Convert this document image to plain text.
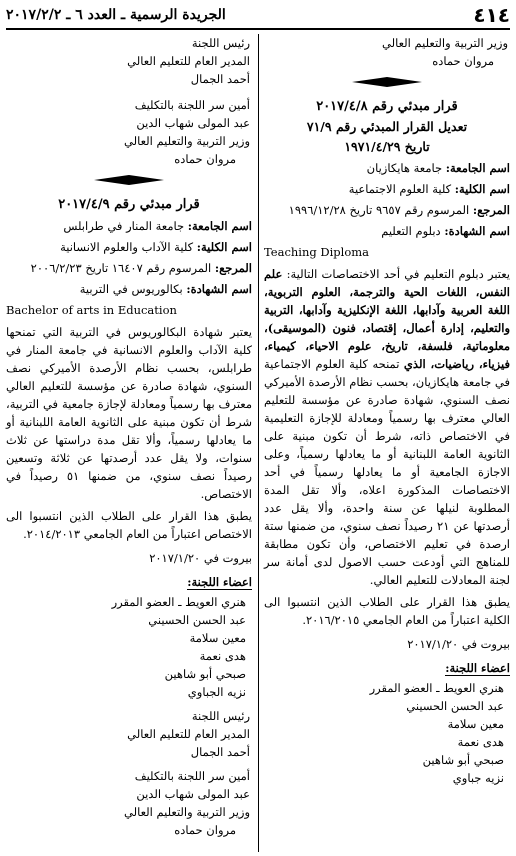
٤١٤
الجريدة الرسمية ـ العدد ٦ ـ ٢٠١٧/٢/٢
وزير التربية والتعليم العالي
مروان حماده
قرار مبدئي رقم ٢٠١٧/٤/٨
تعديل القرار المبدئي رقم ٧١/٩
تاريخ ١٩٧١/٤/٢٩
اسم الجامعة: جامعة هايكازيان
اسم الكلية: كلية العلوم الاجتماعية
المرجع: المرسوم رقم ٩٦٥٧ تاريخ ١٩٩٦/١٢/٢٨
اسم الشهادة: دبلوم التعليم
Teaching Diploma
يعتبر دبلوم التعليم في أحد الاختصاصات التالية: علم النفس، اللغات الحية والترجمة، العلوم التربوية، اللغة العربية وآدابها، اللغة الإنكليزية وآدابها، التربية والتعليم، إدارة أعمال، إقتصاد، فنون (الموسيقى)، معلوماتية، فلسفة، تاريخ، علوم الاحياء، كيمياء، فيزياء، رياضيات، الذي تمنحه كلية العلوم الاجتماعية في جامعة هايكازيان، بحسب نظام الأرصدة الأميركي نصف السنوي، شهادة صادرة عن مؤسسة للتعليم العالي معترف بها رسمياً ومعادلة للإجازة التعليمية في الاختصاص ذاته، شرط أن تكون مبنية على الثانوية العامة اللبنانية أو ما يعادلها رسمياً، وعلى الاجازة الجامعية أو ما يعادلها رسمياً في أحد الاختصاصات المذكورة اعلاه، وألا تقل المدة المطلوبة لنيلها عن سنة واحدة، وألا يقل عدد أرصدتها عن ٢١ رصيداً نصف سنوي، من ضمنها ستة ارصدة في تعليم الاختصاص، وأن تكون مطابقة للمناهج التي أودعت حسب الاصول لدى أمانة سر لجنة المعادلات للتعليم العالي.
يطبق هذا القرار على الطلاب الذين انتسبوا الى الكلية اعتباراً من العام الجامعي ٢٠١٦/٢٠١٥.
بيروت في ٢٠١٧/١/٢٠
اعضاء اللجنة:
هنري العويط ـ العضو المقرر
عبد الحسن الحسيني
معين سلامة
هدى نعمة
صبحي أبو شاهين
نزيه جباوي
رئيس اللجنة
المدير العام للتعليم العالي
أحمد الجمال
أمين سر اللجنة بالتكليف
عبد المولى شهاب الدين
وزير التربية والتعليم العالي
مروان حماده
قرار مبدئي رقم ٢٠١٧/٤/٩
اسم الجامعة: جامعة المنار في طرابلس
اسم الكلية: كلية الآداب والعلوم الانسانية
المرجع: المرسوم رقم ١٦٤٠٧ تاريخ ٢٠٠٦/٢/٢٣
اسم الشهادة: بكالوريوس في التربية
Bachelor of arts in Education
يعتبر شهادة البكالوريوس في التربية التي تمنحها كلية الآداب والعلوم الانسانية في جامعة المنار في طرابلس، بحسب نظام الأرصدة الأميركي نصف السنوي، شهادة صادرة عن مؤسسة للتعليم العالي معترف بها رسمياً ومعادلة لإجازة جامعية في التربية، شرط أن تكون مبنية على الثانوية العامة اللبنانية أو ما يعادلها رسمياً، وألا تقل مدة دراستها عن ثلاث سنوات، ولا يقل عدد أرصدتها عن ثلاثة وتسعين رصيداً نصف سنوي، من ضمنها ٥١ رصيداً في الاختصاص.
يطبق هذا القرار على الطلاب الذين انتسبوا الى الاختصاص اعتباراً من العام الجامعي ٢٠١٤/٢٠١٣.
بيروت في ٢٠١٧/١/٢٠
اعضاء اللجنة:
هنري العويط ـ العضو المقرر
عبد الحسن الحسيني
معين سلامة
هدى نعمة
صبحي أبو شاهين
نزيه الجباوي
رئيس اللجنة
المدير العام للتعليم العالي
أحمد الجمال
أمين سر اللجنة بالتكليف
عبد المولى شهاب الدين
وزير التربية والتعليم العالي
مروان حماده
